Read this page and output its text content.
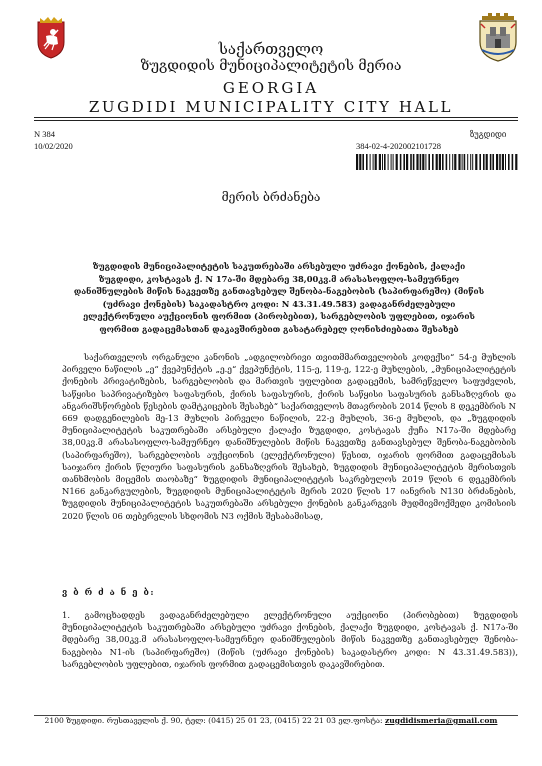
საქართველო
ზუგდიდის მუნიციპალიტეტის მერია
GEORGIA
ZUGDIDI MUNICIPALITY CITY HALL
N 384
10/02/2020
ზუგდიდი
384-02-4-202002101728
მერის ბრძანება
ზუგდიდის მუნიციპალიტეტის საკუთრებაში არსებული უძრავი ქონების, ქალაქი ზუგდიდი, კოსტავას ქ. N 17ა-ში მდებარე 38,00კვ.მ არასასოფლო-სამეურნეო დანიშნულების მიწის ნაკვეთზე განთავსებულ შენობა-ნაგებობის (საპირფარეშო) (მიწის (უძრავი ქონების) საკადასტრო კოდი: N 43.31.49.583) ვადაგანრძელებული ელექტრონული აუქციონის ფორმით (პირობებით), სარგებლობის უფლებით, იჯარის ფორმით გადაცემასთან დაკავშირებით გასატარებელ ღონისძიებათა შესახებ
საქართველოს ორგანული კანონის „ადგილობრივი თვითმმართველობის კოდექსი“ 54-ე მუხლის პირველი ნაწილის „ე“ ქვეპუნქტის „ე.ე“ ქვეპუნქტის, 115-ე, 119-ე, 122-ე მუხლების, „მუნიციპალიტეტის ქონების პრივატიზების, სარგებლობის და მართვის უფლებით გადაცემის, სამრეწველო საფუძვლის, საწყისი საპრივატიზებო საფასურის, ქირის საფასურის, ქირის საწყისი საფასურის განსაზღვრის და ანგარიშსწორების წესების დამტკიცების შესახებ“ საქართველოს მთავრობის 2014 წლის 8 დეკემბრის N 669 დადგენილების მე-13 მუხლის პირველი ნაწილის, 22-ე მუხლის, 36-ე მუხლის, და „ზუგდიდის მუნიციპალიტეტის საკუთრებაში არსებული ქალაქი ზუგდიდი, კოსტავას ქუჩა N17ა-ში მდებარე 38,00კვ.მ არასასოფლო-სამეურნეო დანიშნულების მიწის ნაკვეთზე განთავსებულ შენობა-ნაგებობის (საპირფარეშო), სარგებლობის აუქციონის (ელექტრონული) წესით, იჯარის ფორმით გადაცემისას საიჯარო ქირის წლიური საფასურის განსაზღვრის შესახებ, ზუგდიდის მუნიციპალიტეტის მერისთვის თანხმობის მიცემის თაობაზე“ ზუგდიდის მუნიციპალიტეტის საკრებულოს 2019 წლის 6 დეკემბრის N166 განკარგულების, ზუგდიდის მუნიციპალიტეტის მერის 2020 წლის 17 იანვრის N130 ბრძანების, ზუგდიდის მუნიციპალიტეტის საკუთრებაში არსებული ქონების განკარგვის მუდმივმოქმედი კომისიის 2020 წლის 06 თებერვლის სხდომის N3 ოქმის შესაბამისად,
ვ ბ რ ძ ა ნ ე ბ:
1. გამოცხადდეს ვადაგანრძელებული ელექტრონული აუქციონი (პირობებით) ზუგდიდის მუნიციპალიტეტის საკუთრებაში არსებული უძრავი ქონების, ქალაქი ზუგდიდი, კოსტავას ქ. N17ა-ში მდებარე 38,00კვ.მ არასასოფლო-სამეურნეო დანიშნულების მიწის ნაკვეთზე განთავსებულ შენობა- ნაგებობა N1-ის (საპირფარეშო) (მიწის (უძრავი ქონების) საკადასტრო კოდი: N 43.31.49.583)), სარგებლობის უფლებით, იჯარის ფორმით გადაცემისთვის დაკავშირებით.
2100 ზუგდიდი. რუსთაველის ქ. 90, ტელ: (0415) 25 01 23, (0415) 22 21 03 ელ.ფოსტა: zugdidismeria@gmail.com
